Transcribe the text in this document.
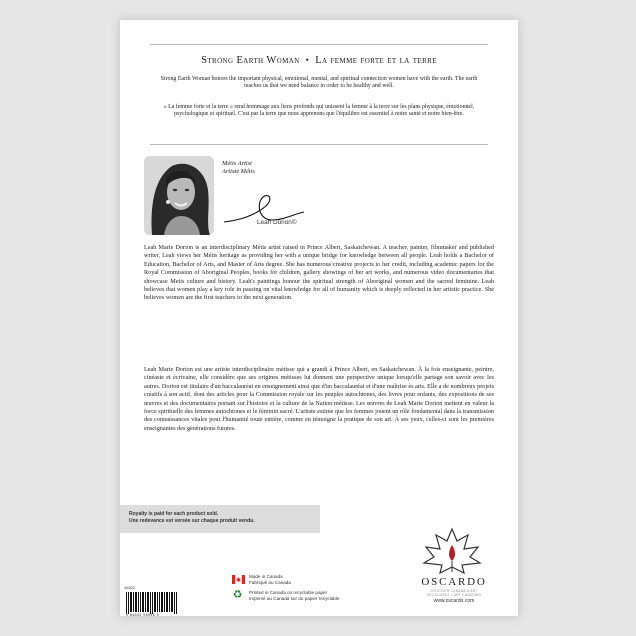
Strong Earth Woman • La femme forte et la terre
Strong Earth Woman honors the important physical, emotional, mental, and spiritual connection women have with the earth. The earth teaches us that we need balance in order to be healthy and well.
« La femme forte et la terre » rend hommage aux liens profonds qui unissent la femme à la terre sur les plans physique, émotionnel, psychologique et spirituel. C'est par la terre que nous apprenons que l'équilibre est essentiel à notre santé et notre bien-être.
Métis Artist
Artiste Métis
Leah Dorion©
Leah Marie Dorion is an interdisciplinary Métis artist raised in Prince Albert, Saskatchewan. A teacher, painter, filmmaker and published writer, Leah views her Métis heritage as providing her with a unique bridge for knowledge between all people. Leah holds a Bachelor of Education, Bachelor of Arts, and Master of Arts degree. She has numerous creative projects to her credit, including academic papers for the Royal Commission of Aboriginal Peoples, books for children, gallery showings of her art works, and numerous video documentaries that showcase Metis culture and history. Leah's paintings honour the spiritual strength of Aboriginal women and the sacred feminine. Leah believes that women play a key role in passing on vital knowledge for all of humanity which is deeply reflected in her artistic practice. She believes women are the first teachers to the next generation.
Leah Marie Dorion est une artiste interdisciplinaire métisse qui a grandi à Prince Albert, en Saskatchewan. À la fois enseignante, peintre, cinéaste et écrivaine, elle considère que ses origines métisses lui donnent une perspective unique lorsqu'elle partage son savoir avec les autres. Dorion est titulaire d'un baccalauréat en enseignement ainsi que d'un baccalauréat et d'une maîtrise ès arts. Elle a de nombreux projets créatifs à son actif, dont des articles pour la Commission royale sur les peuples autochtones, des livres pour enfants, des expositions de ses œuvres et des documentaires portant sur l'histoire et la culture de la Nation métisse. Les œuvres de Leah Marie Dorion mettent en valeur la force spirituelle des femmes autochtones et le féminin sacré. L'artiste estime que les femmes jouent un rôle fondamental dans la transmission des connaissances vitales pour l'humanité toute entière, comme en témoigne la pratique de son art. À ses yeux, celles-ci sont les premières enseignantes des générations futures.
Royalty is paid for each product sold.
Une redevance est versée sur chaque produit vendu.
46502
0 64833 98546 9
Made in Canada
Fabriqué au Canada
♻ Printed in Canada on recyclable paper
Imprimé au Canada sur du papier recyclable
OSCARDO
DISCOVER CANADA & ART
DÉCOUVREZ L'ART CANADIEN
www.oscardo.com
